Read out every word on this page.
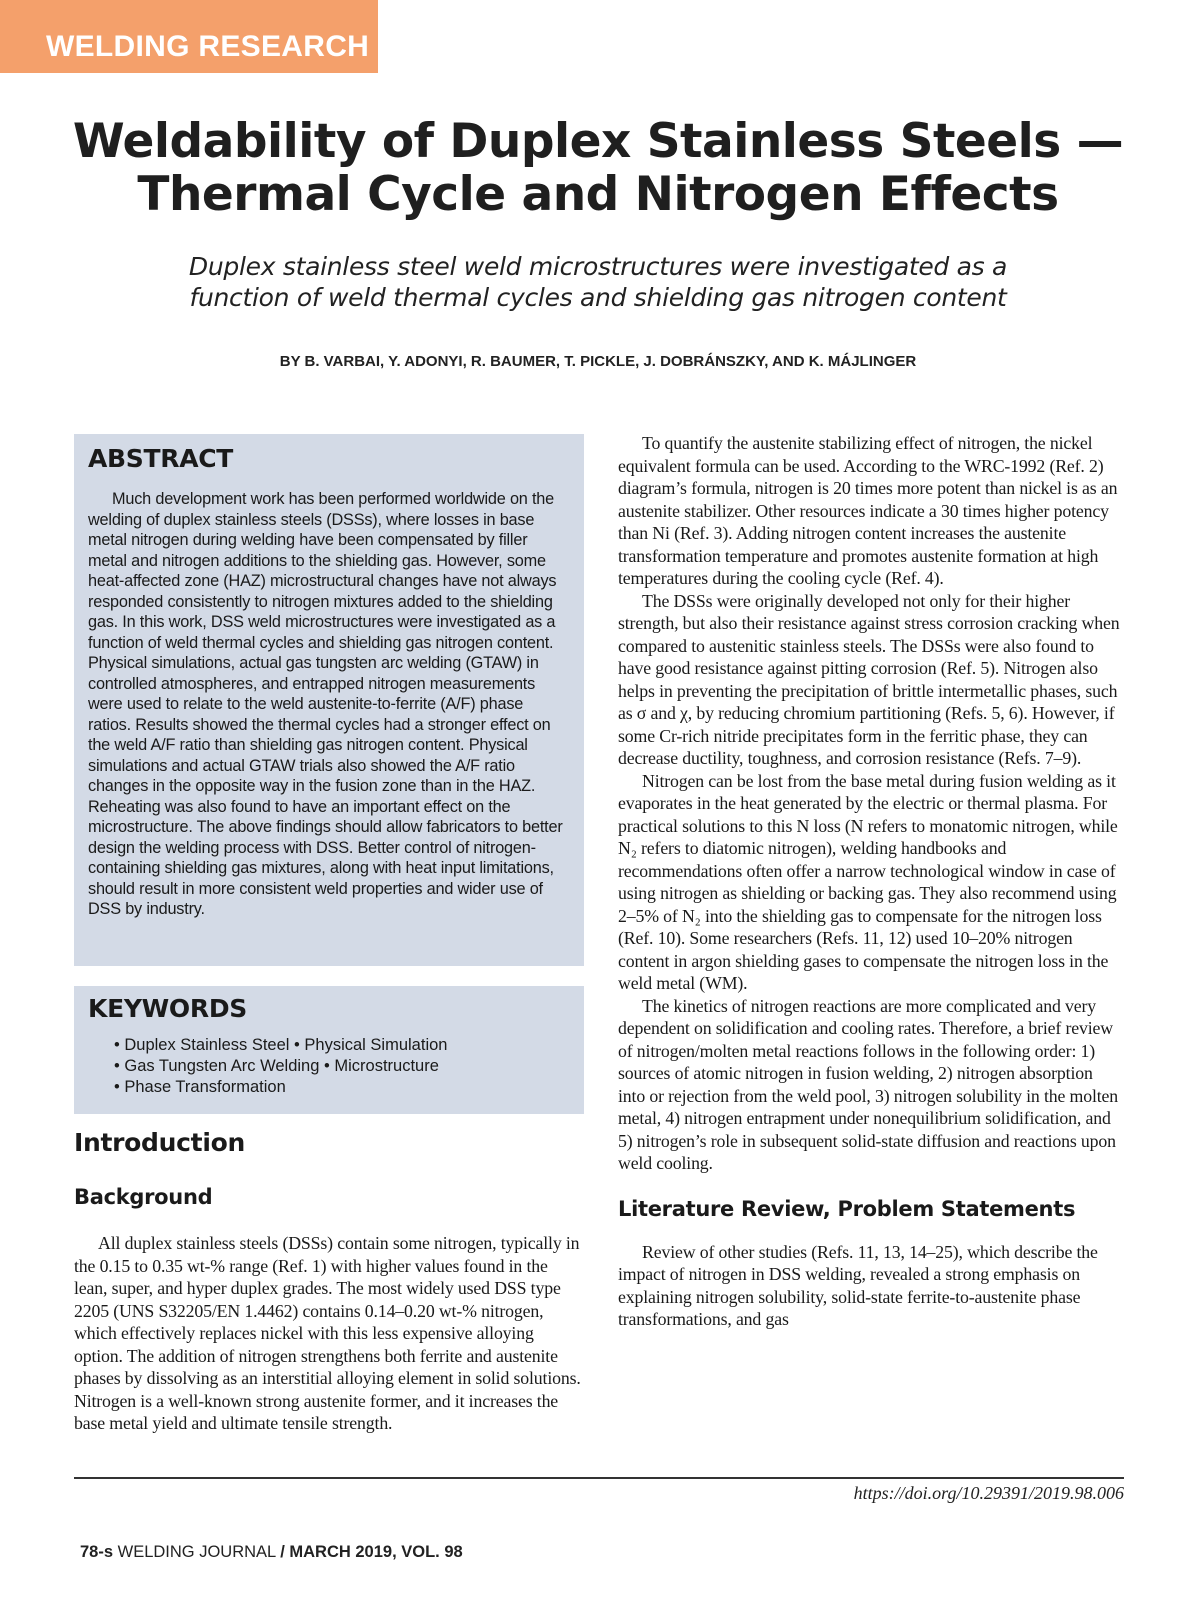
WELDING RESEARCH
Weldability of Duplex Stainless Steels —
Thermal Cycle and Nitrogen Effects

Duplex stainless steel weld microstructures were investigated as a
function of weld thermal cycles and shielding gas nitrogen content

BY B. VARBAI, Y. ADONYI, R. BAUMER, T. PICKLE, J. DOBRÁNSZKY, AND K. MÁJLINGER
ABSTRACT

Much development work has been performed worldwide on the welding of duplex stainless steels (DSSs), where losses in base metal nitrogen during welding have been compensated by filler metal and nitrogen additions to the shielding gas. However, some heat-affected zone (HAZ) microstructural changes have not always responded consistently to nitrogen mixtures added to the shielding gas. In this work, DSS weld microstructures were investigated as a function of weld thermal cycles and shielding gas nitrogen content. Physical simulations, actual gas tungsten arc welding (GTAW) in controlled atmospheres, and entrapped nitrogen measurements were used to relate to the weld austenite-to-ferrite (A/F) phase ratios. Results showed the thermal cycles had a stronger effect on the weld A/F ratio than shielding gas nitrogen content. Physical simulations and actual GTAW trials also showed the A/F ratio changes in the opposite way in the fusion zone than in the HAZ. Reheating was also found to have an important effect on the microstructure. The above findings should allow fabricators to better design the welding process with DSS. Better control of nitrogen-containing shielding gas mixtures, along with heat input limitations, should result in more consistent weld properties and wider use of DSS by industry.

KEYWORDS
• Duplex Stainless Steel • Physical Simulation
• Gas Tungsten Arc Welding • Microstructure
• Phase Transformation
Introduction
Background

All duplex stainless steels (DSSs) contain some nitrogen, typically in the 0.15 to 0.35 wt-% range (Ref. 1) with higher values found in the lean, super, and hyper duplex grades. The most widely used DSS type 2205 (UNS S32205/EN 1.4462) contains 0.14–0.20 wt-% nitrogen, which effectively replaces nickel with this less expensive alloying option. The addition of nitrogen strengthens both ferrite and austenite phases by dissolving as an interstitial alloying element in solid solutions. Nitrogen is a well-known strong austenite former, and it increases the base metal yield and ultimate tensile strength.

To quantify the austenite stabilizing effect of nitrogen, the nickel equivalent formula can be used. According to the WRC-1992 (Ref. 2) diagram’s formula, nitrogen is 20 times more potent than nickel is as an austenite stabilizer. Other resources indicate a 30 times higher potency than Ni (Ref. 3). Adding nitrogen content increases the austenite transformation temperature and promotes austenite formation at high temperatures during the cooling cycle (Ref. 4).

The DSSs were originally developed not only for their higher strength, but also their resistance against stress corrosion cracking when compared to austenitic stainless steels. The DSSs were also found to have good resistance against pitting corrosion (Ref. 5). Nitrogen also helps in preventing the precipitation of brittle intermetallic phases, such as σ and χ, by reducing chromium partitioning (Refs. 5, 6). However, if some Cr-rich nitride precipitates form in the ferritic phase, they can decrease ductility, toughness, and corrosion resistance (Refs. 7–9).

Nitrogen can be lost from the base metal during fusion welding as it evaporates in the heat generated by the electric or thermal plasma. For practical solutions to this N loss (N refers to monatomic nitrogen, while N₂ refers to diatomic nitrogen), welding handbooks and recommendations often offer a narrow technological window in case of using nitrogen as shielding or backing gas. They also recommend using 2–5% of N₂ into the shielding gas to compensate for the nitrogen loss (Ref. 10). Some researchers (Refs. 11, 12) used 10–20% nitrogen content in argon shielding gases to compensate the nitrogen loss in the weld metal (WM).

The kinetics of nitrogen reactions are more complicated and very dependent on solidification and cooling rates. Therefore, a brief review of nitrogen/molten metal reactions follows in the following order: 1) sources of atomic nitrogen in fusion welding, 2) nitrogen absorption into or rejection from the weld pool, 3) nitrogen solubility in the molten metal, 4) nitrogen entrapment under nonequilibrium solidification, and 5) nitrogen’s role in subsequent solid-state diffusion and reactions upon weld cooling.

Literature Review, Problem Statements

Review of other studies (Refs. 11, 13, 14–25), which describe the impact of nitrogen in DSS welding, revealed a strong emphasis on explaining nitrogen solubility, solid-state ferrite-to-austenite phase transformations, and gas

https://doi.org/10.29391/2019.98.006
78-s WELDING JOURNAL / MARCH 2019, VOL. 98
